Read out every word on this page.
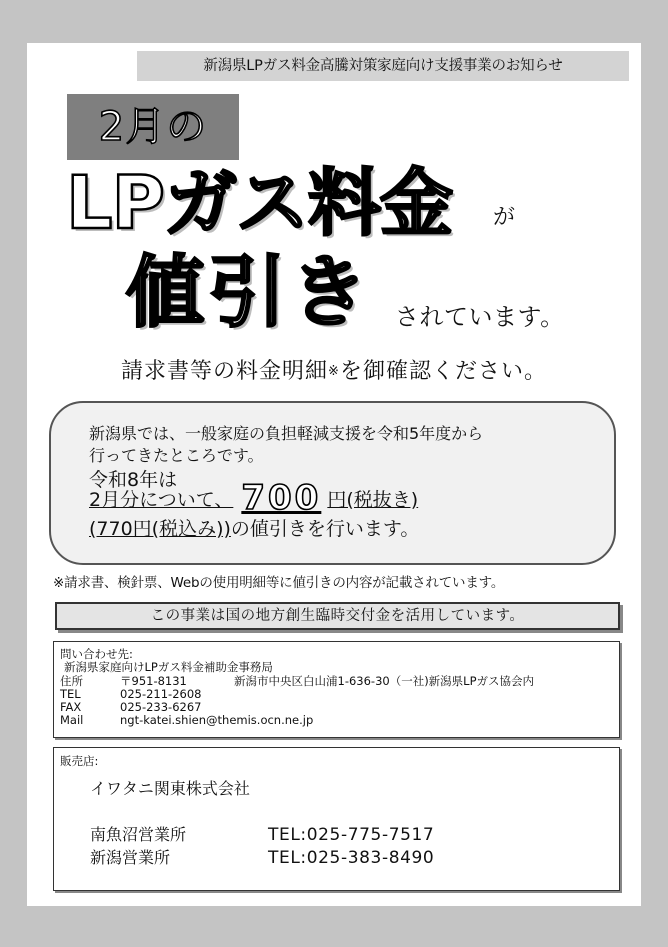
新潟県LPガス料金高騰対策家庭向け支援事業のお知らせ
2月の
LPガス料金 が
値引き されています。
請求書等の料金明細※を御確認ください。
新潟県では、一般家庭の負担軽減支援を令和5年度から
行ってきたところです。
令和8年は
2月分について、 700 円(税抜き)
(770円(税込み))の値引きを行います。
※請求書、検針票、Webの使用明細等に値引きの内容が記載されています。
この事業は国の地方創生臨時交付金を活用しています。
問い合わせ先:
新潟県家庭向けLPガス料金補助金事務局
住所	〒951-8131	新潟市中央区白山浦1-636-30（一社)新潟県LPガス協会内
TEL	025-211-2608
FAX	025-233-6267
Mail	ngt-katei.shien@themis.ocn.ne.jp
販売店:
イワタニ関東株式会社
南魚沼営業所	TEL:025-775-7517
新潟営業所	TEL:025-383-8490
